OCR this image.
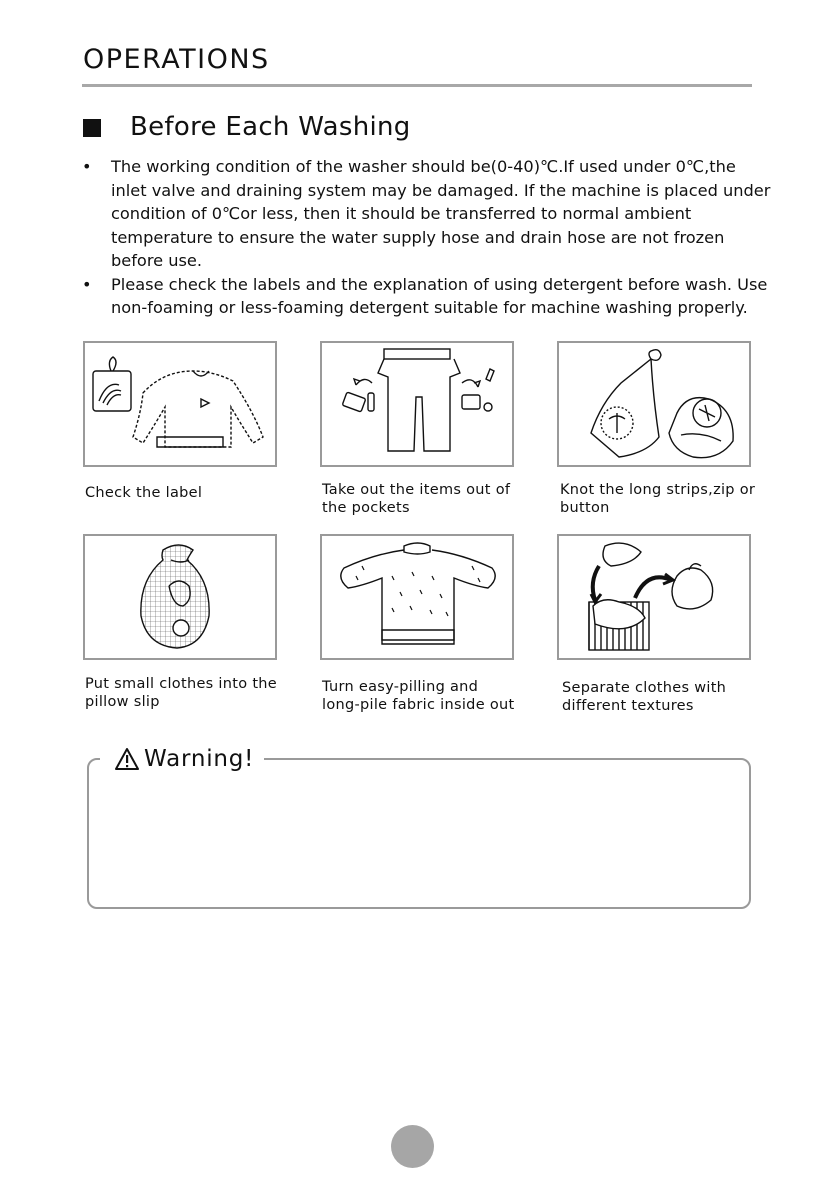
OPERATIONS
Before Each Washing
•	The working condition of the washer should be(0-40)℃.If used under 0℃,the
inlet valve and draining system may be damaged. If the machine is placed under
condition of 0℃or less, then it should be transferred to normal ambient
temperature to ensure the water supply hose and drain hose are not frozen
before use.
•	Please check the labels and the explanation of using detergent before wash. Use
non-foaming or less-foaming detergent suitable for machine washing properly.
Check the label	Take out the items out of
the pockets
Knot the long strips,zip or
button
Put small clothes into the
pillow slip
Turn easy-pilling and
long-pile fabric inside out
Separate clothes with
different textures
Warning!
